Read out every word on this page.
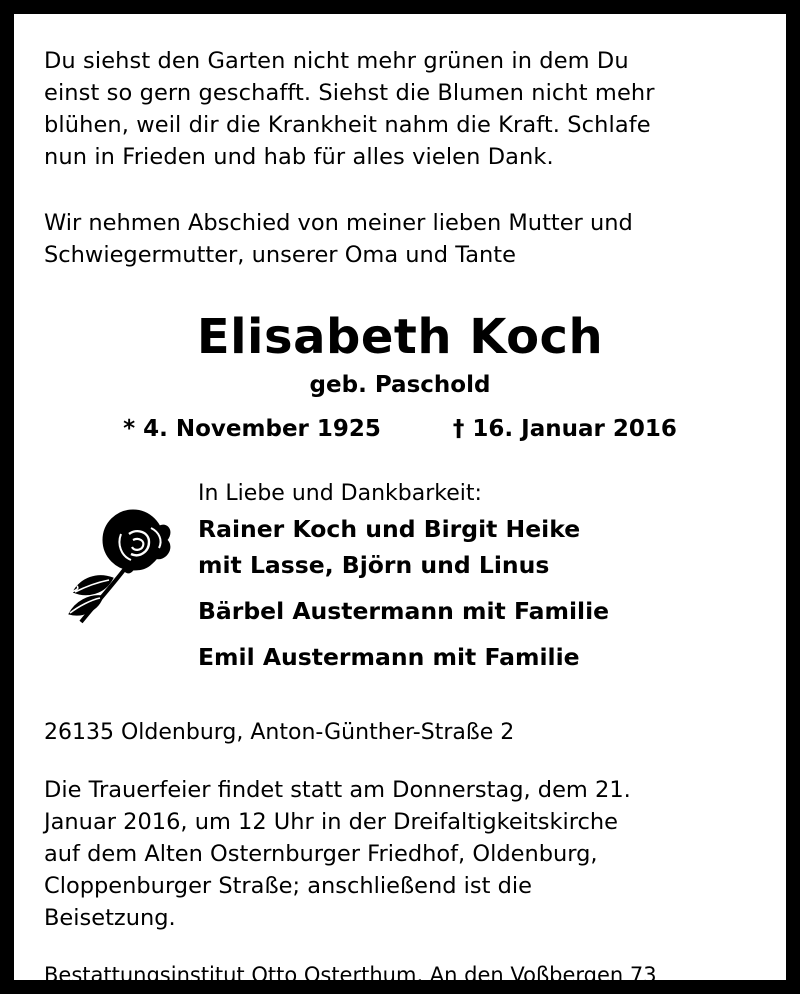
Du siehst den Garten nicht mehr grünen in dem Du
einst so gern geschafft. Siehst die Blumen nicht mehr
blühen, weil dir die Krankheit nahm die Kraft. Schlafe
nun in Frieden und hab für alles vielen Dank.
Wir nehmen Abschied von meiner lieben Mutter und
Schwiegermutter, unserer Oma und Tante
Elisabeth Koch
geb. Paschold
* 4. November 1925	† 16. Januar 2016
In Liebe und Dankbarkeit:
Rainer Koch und Birgit Heike
mit Lasse, Björn und Linus
Bärbel Austermann mit Familie
Emil Austermann mit Familie
26135 Oldenburg, Anton-Günther-Straße 2
Die Trauerfeier findet statt am Donnerstag, dem 21.
Januar 2016, um 12 Uhr in der Dreifaltigkeitskirche
auf dem Alten Osternburger Friedhof, Oldenburg,
Cloppenburger Straße; anschließend ist die
Beisetzung.
Bestattungsinstitut Otto Osterthum, An den Voßbergen 73
